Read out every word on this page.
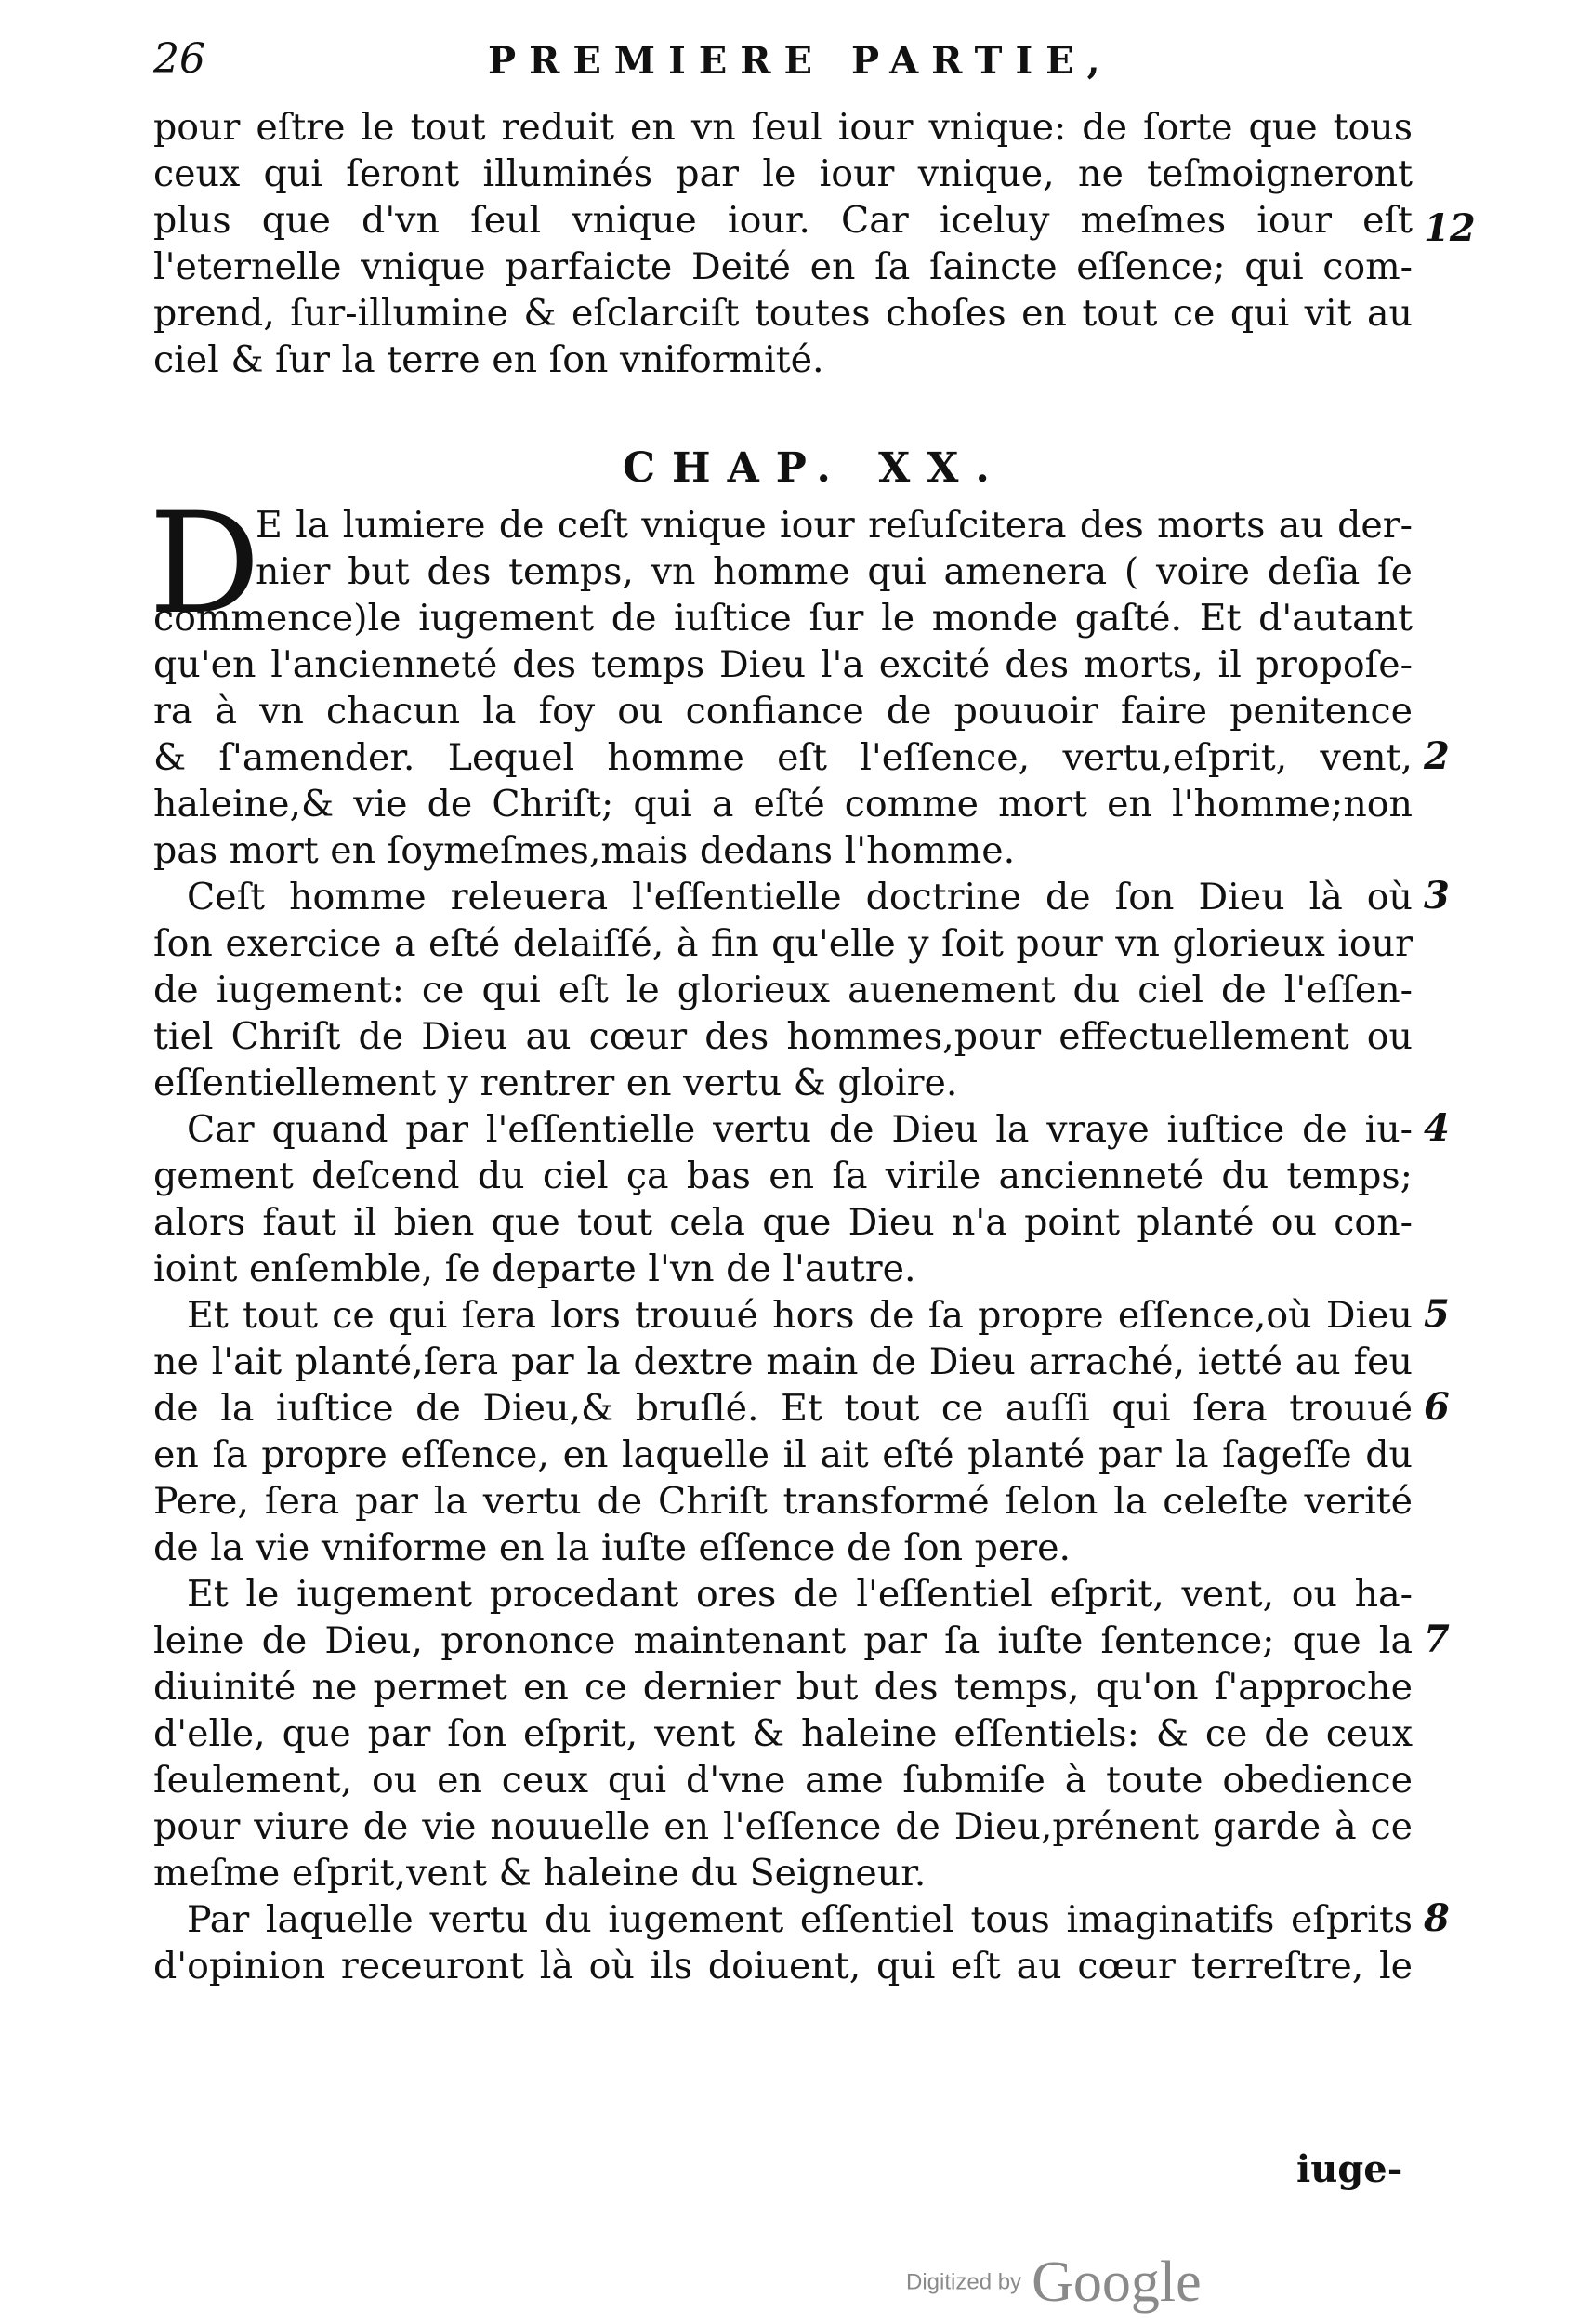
26	PREMIERE PARTIE,
pour eſtre le tout reduit en vn ſeul iour vnique: de ſorte que tous
ceux qui ſeront illuminés par le iour vnique, ne teſmoigneront
plus que d'vn ſeul vnique iour. Car iceluy meſmes iour eſt
l'eternelle vnique parfaicte Deité en ſa ſaincte eſſence; qui com-
prend, ſur-illumine & eſclarciſt toutes choſes en tout ce qui vit au
ciel & ſur la terre en ſon vniformité.
CHAP. XX.
D
E la lumiere de ceſt vnique iour reſuſcitera des morts au der-
nier but des temps, vn homme qui amenera ( voire deſia ſe
commence)le iugement de iuſtice ſur le monde gaſté. Et d'autant
qu'en l'ancienneté des temps Dieu l'a excité des morts, il propoſe-
ra à vn chacun la foy ou confiance de pouuoir faire penitence
& ſ'amender. Lequel homme eſt l'eſſence, vertu,eſprit, vent,
haleine,& vie de Chriſt; qui a eſté comme mort en l'homme;non
pas mort en ſoymeſmes,mais dedans l'homme.
Ceſt homme releuera l'eſſentielle doctrine de ſon Dieu là où
ſon exercice a eſté delaiſſé, à fin qu'elle y ſoit pour vn glorieux iour
de iugement: ce qui eſt le glorieux auenement du ciel de l'eſſen-
tiel Chriſt de Dieu au cœur des hommes,pour effectuellement ou
eſſentiellement y rentrer en vertu & gloire.
Car quand par l'eſſentielle vertu de Dieu la vraye iuſtice de iu-
gement deſcend du ciel ça bas en ſa virile ancienneté du temps;
alors faut il bien que tout cela que Dieu n'a point planté ou con-
ioint enſemble, ſe departe l'vn de l'autre.
Et tout ce qui ſera lors trouué hors de ſa propre eſſence,où Dieu
ne l'ait planté,ſera par la dextre main de Dieu arraché, ietté au feu
de la iuſtice de Dieu,& bruſlé. Et tout ce auſſi qui ſera trouué
en ſa propre eſſence, en laquelle il ait eſté planté par la ſageſſe du
Pere, ſera par la vertu de Chriſt transformé ſelon la celeſte verité
de la vie vniforme en la iuſte eſſence de ſon pere.
Et le iugement procedant ores de l'eſſentiel eſprit, vent, ou ha-
leine de Dieu, prononce maintenant par ſa iuſte ſentence; que la
diuinité ne permet en ce dernier but des temps, qu'on ſ'approche
d'elle, que par ſon eſprit, vent & haleine eſſentiels: & ce de ceux
ſeulement, ou en ceux qui d'vne ame ſubmiſe à toute obedience
pour viure de vie nouuelle en l'eſſence de Dieu,prénent garde à ce
meſme eſprit,vent & haleine du Seigneur.
Par laquelle vertu du iugement eſſentiel tous imaginatifs eſprits
d'opinion receuront là où ils doiuent, qui eſt au cœur terreſtre, le
12
2
3
4
5
6
7
8
iuge-
Digitized by Google
